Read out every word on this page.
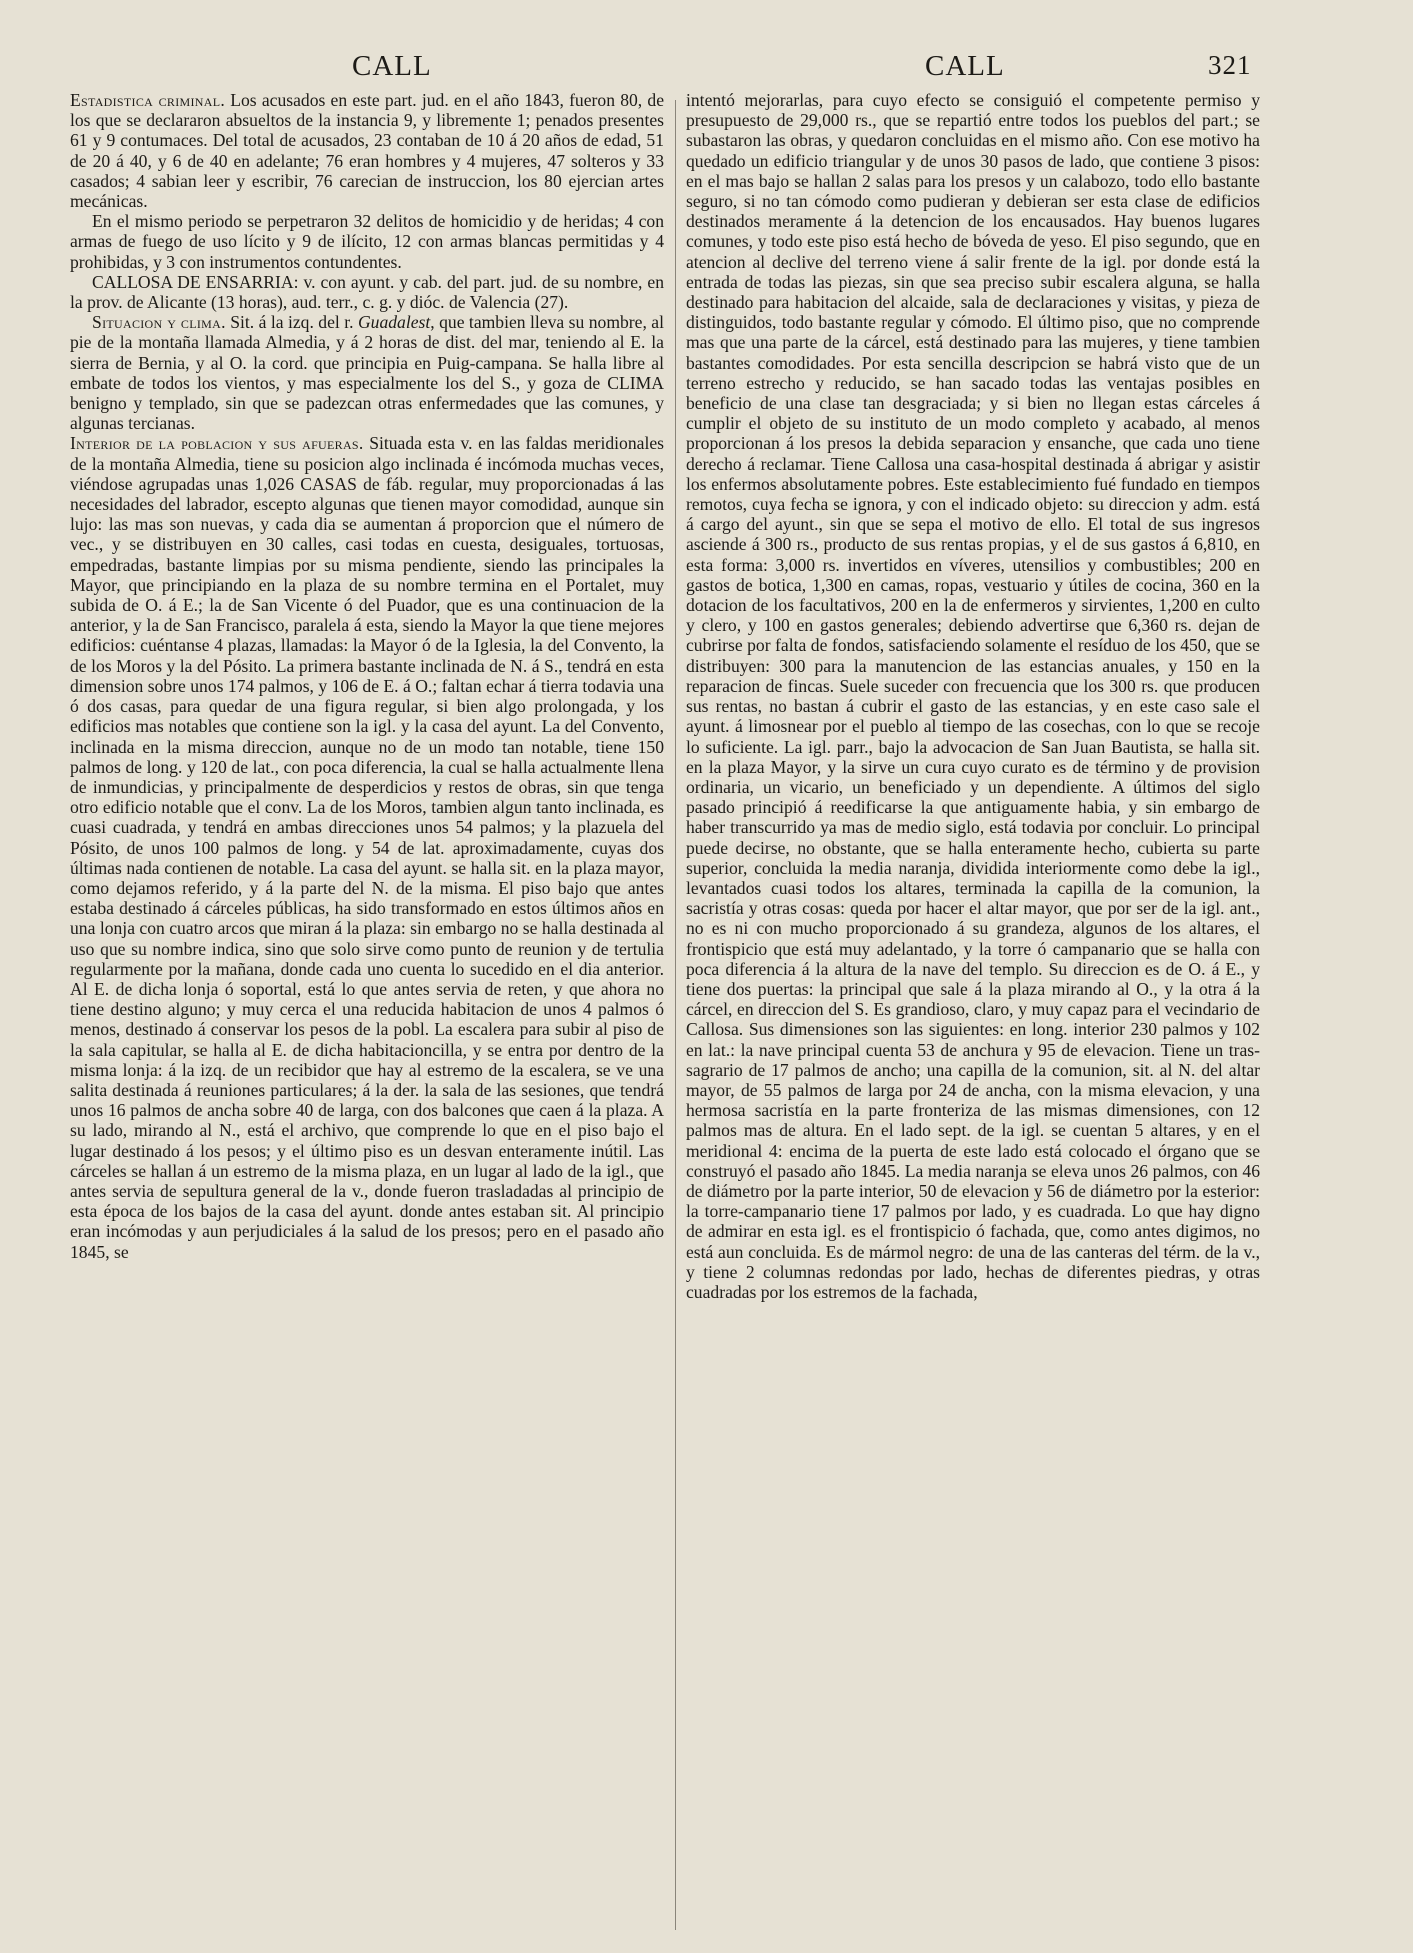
CALL	CALL	321

Estadistica criminal. Los acusados en este part. jud. en el año 1843, fueron 80, de los que se declararon absueltos de la instancia 9, y libremente 1; penados presentes 61 y 9 contumaces. Del total de acusados, 23 contaban de 10 á 20 años de edad, 51 de 20 á 40, y 6 de 40 en adelante; 76 eran hombres y 4 mujeres, 47 solteros y 33 casados; 4 sabian leer y escribir, 76 carecian de instruccion, los 80 ejercian artes mecánicas.

En el mismo periodo se perpetraron 32 delitos de homicidio y de heridas; 4 con armas de fuego de uso lícito y 9 de ilícito, 12 con armas blancas permitidas y 4 prohibidas, y 3 con instrumentos contundentes.

CALLOSA DE ENSARRIA: v. con ayunt. y cab. del part. jud. de su nombre, en la prov. de Alicante (13 horas), aud. terr., c. g. y dióc. de Valencia (27).

Situacion y clima. Sit. á la izq. del r. Guadalest, que tambien lleva su nombre, al pie de la montaña llamada Almedia, y á 2 horas de dist. del mar, teniendo al E. la sierra de Bernia, y al O. la cord. que principia en Puig-campana. Se halla libre al embate de todos los vientos, y mas especialmente los del S., y goza de CLIMA benigno y templado, sin que se padezcan otras enfermedades que las comunes, y algunas tercianas.

Interior de la poblacion y sus afueras. Situada esta v. en las faldas meridionales de la montaña Almedia, tiene su posicion algo inclinada é incómoda muchas veces, viéndose agrupadas unas 1,026 CASAS de fáb. regular, muy proporcionadas á las necesidades del labrador, escepto algunas que tienen mayor comodidad, aunque sin lujo: las mas son nuevas, y cada dia se aumentan á proporcion que el número de vec., y se distribuyen en 30 calles, casi todas en cuesta, desiguales, tortuosas, empedradas, bastante limpias por su misma pendiente, siendo las principales la Mayor, que principiando en la plaza de su nombre termina en el Portalet, muy subida de O. á E.; la de San Vicente ó del Puador, que es una continuacion de la anterior, y la de San Francisco, paralela á esta, siendo la Mayor la que tiene mejores edificios: cuéntanse 4 plazas, llamadas: la Mayor ó de la Iglesia, la del Convento, la de los Moros y la del Pósito. La primera bastante inclinada de N. á S., tendrá en esta dimension sobre unos 174 palmos, y 106 de E. á O.; faltan echar á tierra todavia una ó dos casas, para quedar de una figura regular, si bien algo prolongada, y los edificios mas notables que contiene son la igl. y la casa del ayunt. La del Convento, inclinada en la misma direccion, aunque no de un modo tan notable, tiene 150 palmos de long. y 120 de lat., con poca diferencia, la cual se halla actualmente llena de inmundicias, y principalmente de desperdicios y restos de obras, sin que tenga otro edificio notable que el conv. La de los Moros, tambien algun tanto inclinada, es cuasi cuadrada, y tendrá en ambas direcciones unos 54 palmos; y la plazuela del Pósito, de unos 100 palmos de long. y 54 de lat. aproximadamente, cuyas dos últimas nada contienen de notable. La casa del ayunt. se halla sit. en la plaza mayor, como dejamos referido, y á la parte del N. de la misma. El piso bajo que antes estaba destinado á cárceles públicas, ha sido transformado en estos últimos años en una lonja con cuatro arcos que miran á la plaza: sin embargo no se halla destinada al uso que su nombre indica, sino que solo sirve como punto de reunion y de tertulia regularmente por la mañana, donde cada uno cuenta lo sucedido en el dia anterior. Al E. de dicha lonja ó soportal, está lo que antes servia de reten, y que ahora no tiene destino alguno; y muy cerca el una reducida habitacion de unos 4 palmos ó menos, destinado á conservar los pesos de la pobl. La escalera para subir al piso de la sala capitular, se halla al E. de dicha habitacioncilla, y se entra por dentro de la misma lonja: á la izq. de un recibidor que hay al estremo de la escalera, se ve una salita destinada á reuniones particulares; á la der. la sala de las sesiones, que tendrá unos 16 palmos de ancha sobre 40 de larga, con dos balcones que caen á la plaza. A su lado, mirando al N., está el archivo, que comprende lo que en el piso bajo el lugar destinado á los pesos; y el último piso es un desvan enteramente inútil. Las cárceles se hallan á un estremo de la misma plaza, en un lugar al lado de la igl., que antes servia de sepultura general de la v., donde fueron trasladadas al principio de esta época de los bajos de la casa del ayunt. donde antes estaban sit. Al principio eran incómodas y aun perjudiciales á la salud de los presos; pero en el pasado año 1845, se

intentó mejorarlas, para cuyo efecto se consiguió el competente permiso y presupuesto de 29,000 rs., que se repartió entre todos los pueblos del part.; se subastaron las obras, y quedaron concluidas en el mismo año. Con ese motivo ha quedado un edificio triangular y de unos 30 pasos de lado, que contiene 3 pisos: en el mas bajo se hallan 2 salas para los presos y un calabozo, todo ello bastante seguro, si no tan cómodo como pudieran y debieran ser esta clase de edificios destinados meramente á la detencion de los encausados. Hay buenos lugares comunes, y todo este piso está hecho de bóveda de yeso. El piso segundo, que en atencion al declive del terreno viene á salir frente de la igl. por donde está la entrada de todas las piezas, sin que sea preciso subir escalera alguna, se halla destinado para habitacion del alcaide, sala de declaraciones y visitas, y pieza de distinguidos, todo bastante regular y cómodo. El último piso, que no comprende mas que una parte de la cárcel, está destinado para las mujeres, y tiene tambien bastantes comodidades. Por esta sencilla descripcion se habrá visto que de un terreno estrecho y reducido, se han sacado todas las ventajas posibles en beneficio de una clase tan desgraciada; y si bien no llegan estas cárceles á cumplir el objeto de su instituto de un modo completo y acabado, al menos proporcionan á los presos la debida separacion y ensanche, que cada uno tiene derecho á reclamar. Tiene Callosa una casa-hospital destinada á abrigar y asistir los enfermos absolutamente pobres. Este establecimiento fué fundado en tiempos remotos, cuya fecha se ignora, y con el indicado objeto: su direccion y adm. está á cargo del ayunt., sin que se sepa el motivo de ello. El total de sus ingresos asciende á 300 rs., producto de sus rentas propias, y el de sus gastos á 6,810, en esta forma: 3,000 rs. invertidos en víveres, utensilios y combustibles; 200 en gastos de botica, 1,300 en camas, ropas, vestuario y útiles de cocina, 360 en la dotacion de los facultativos, 200 en la de enfermeros y sirvientes, 1,200 en culto y clero, y 100 en gastos generales; debiendo advertirse que 6,360 rs. dejan de cubrirse por falta de fondos, satisfaciendo solamente el resíduo de los 450, que se distribuyen: 300 para la manutencion de las estancias anuales, y 150 en la reparacion de fincas. Suele suceder con frecuencia que los 300 rs. que producen sus rentas, no bastan á cubrir el gasto de las estancias, y en este caso sale el ayunt. á limosnear por el pueblo al tiempo de las cosechas, con lo que se recoje lo suficiente. La igl. parr., bajo la advocacion de San Juan Bautista, se halla sit. en la plaza Mayor, y la sirve un cura cuyo curato es de término y de provision ordinaria, un vicario, un beneficiado y un dependiente. A últimos del siglo pasado principió á reedificarse la que antiguamente habia, y sin embargo de haber transcurrido ya mas de medio siglo, está todavia por concluir. Lo principal puede decirse, no obstante, que se halla enteramente hecho, cubierta su parte superior, concluida la media naranja, dividida interiormente como debe la igl., levantados cuasi todos los altares, terminada la capilla de la comunion, la sacristía y otras cosas: queda por hacer el altar mayor, que por ser de la igl. ant., no es ni con mucho proporcionado á su grandeza, algunos de los altares, el frontispicio que está muy adelantado, y la torre ó campanario que se halla con poca diferencia á la altura de la nave del templo. Su direccion es de O. á E., y tiene dos puertas: la principal que sale á la plaza mirando al O., y la otra á la cárcel, en direccion del S. Es grandioso, claro, y muy capaz para el vecindario de Callosa. Sus dimensiones son las siguientes: en long. interior 230 palmos y 102 en lat.: la nave principal cuenta 53 de anchura y 95 de elevacion. Tiene un tras-sagrario de 17 palmos de ancho; una capilla de la comunion, sit. al N. del altar mayor, de 55 palmos de larga por 24 de ancha, con la misma elevacion, y una hermosa sacristía en la parte fronteriza de las mismas dimensiones, con 12 palmos mas de altura. En el lado sept. de la igl. se cuentan 5 altares, y en el meridional 4: encima de la puerta de este lado está colocado el órgano que se construyó el pasado año 1845. La media naranja se eleva unos 26 palmos, con 46 de diámetro por la parte interior, 50 de elevacion y 56 de diámetro por la esterior: la torre-campanario tiene 17 palmos por lado, y es cuadrada. Lo que hay digno de admirar en esta igl. es el frontispicio ó fachada, que, como antes digimos, no está aun concluida. Es de mármol negro: de una de las canteras del térm. de la v., y tiene 2 columnas redondas por lado, hechas de diferentes piedras, y otras cuadradas por los estremos de la fachada,
